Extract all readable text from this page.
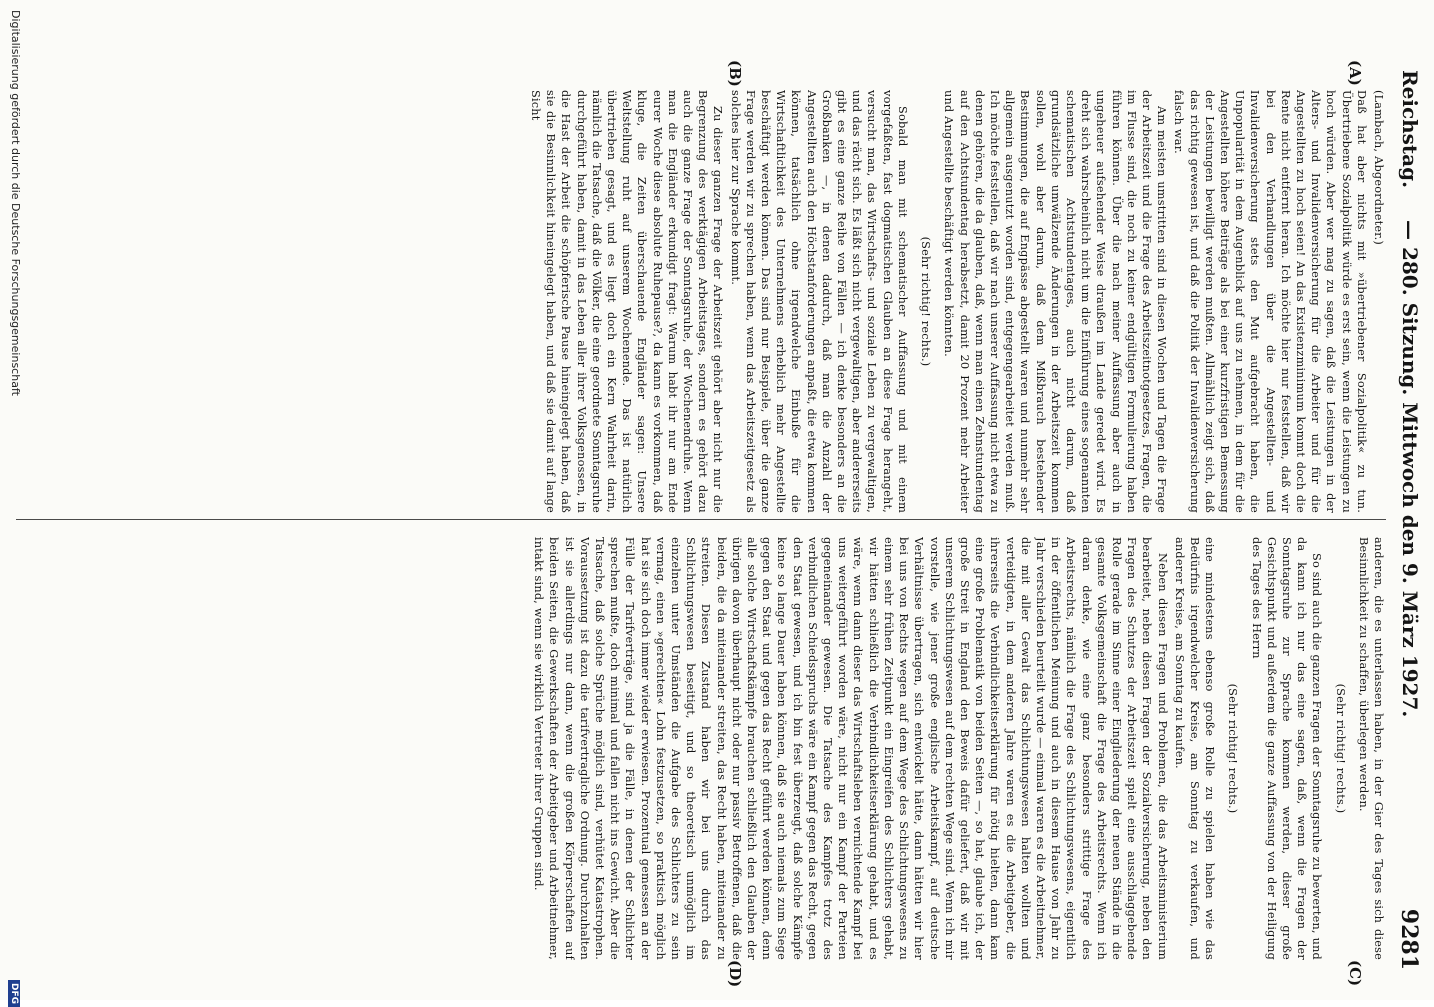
Reichstag.
— 280. Sitzung. Mittwoch den 9. März 1927.
9281
(A)
(B)
(C)
(D)

(Lambach, Abgeordneter.)

Daß hat aber nichts mit »übertriebener Sozialpolitik« zu tun. Übertriebene Sozialpolitik würde es erst sein, wenn die Leistungen zu hoch würden. Aber wer mag zu sagen, daß die Leistungen in der Alters- und Invalidenversicherung für die Arbeiter und für die Angestellten zu hoch seien! An das Existenzminimum kommt doch die Rente nicht entfernt heran. Ich möchte hier nur feststellen, daß wir bei den Verhandlungen über die Angestellten- und Invalidenversicherung stets den Mut aufgebracht haben, die Unpopularität in dem Augenblick auf uns zu nehmen, in dem für die Angestellten höhere Beiträge als bei einer kurzfristigen Bemessung der Leistungen bewilligt werden mußten. Allmählich zeigt sich, daß das richtig gewesen ist, und daß die Politik der Invalidenversicherung falsch war.

Am meisten umstritten sind in diesen Wochen und Tagen die Frage der Arbeitszeit und die Frage des Arbeitszeitnotgesetzes, Fragen, die im Flusse sind, die noch zu keiner endgültigen Formulierung haben führen können. Über die nach meiner Auffassung aber auch in ungeheuer aufsehender Weise draußen im Lande geredet wird. Es dreht sich wahrscheinlich nicht um die Einführung eines sogenannten schematischen Achtstundentages, auch nicht darum, daß grundsätzliche umwälzende Änderungen in der Arbeitszeit kommen sollen, wohl aber darum, daß dem Mißbrauch bestehender Bestimmungen, die auf Engpässe abgestellt waren und nunmehr sehr allgemein ausgenutzt worden sind, entgegengearbeitet werden muß. Ich möchte feststellen, daß wir nach unserer Auffassung nicht etwa zu denen gehören, die da glauben, daß, wenn man einen Zehnstundentag auf den Achtstundentag herabsetzt, damit 20 Prozent mehr Arbeiter und Angestellte beschäftigt werden könnten.

(Sehr richtig! rechts.)

Sobald man mit schematischer Auffassung und mit einem vorgefaßten, fast dogmatischen Glauben an diese Frage herangeht, versucht man, das Wirtschafts- und soziale Leben zu vergewaltigen, und das rächt sich. Es läßt sich nicht vergewaltigen, aber andererseits gibt es eine ganze Reihe von Fällen — ich denke besonders an die Großbanken —, in denen dadurch, daß man die Anzahl der Angestellten auch den Höchstanforderungen anpaßt, die etwa kommen können, tatsächlich ohne irgendwelche Einbuße für die Wirtschaftlichkeit des Unternehmens erheblich mehr Angestellte beschäftigt werden können. Das sind nur Beispiele, über die ganze Frage werden wir zu sprechen haben, wenn das Arbeitszeitgesetz als solches hier zur Sprache kommt.

Zu dieser ganzen Frage der Arbeitszeit gehört aber nicht nur die Begrenzung des werktägigen Arbeitstages, sondern es gehört dazu auch die ganze Frage der Sonntagsruhe, der Wochenendruhe. Wenn man die Engländer erkundigt fragt: Warum habt ihr nur am Ende eurer Woche diese absolute Ruhepause?, da kann es vorkommen, daß kluge, die Zeiten überschauende Engländer sagen: Unsere Weltstellung ruht auf unserem Wochenende. Das ist natürlich übertrieben gesagt, und es liegt doch ein Kern Wahrheit darin, nämlich die Tatsache, daß die Völker, die eine geordnete Sonntagsruhe durchgeführt haben, damit in das Leben aller ihrer Volksgenossen, in die Hast der Arbeit die schöpferische Pause hineingelegt haben, daß sie die Besinnlichkeit hineingelegt haben, und daß sie damit auf lange Sicht

anderen, die es unterlassen haben, in der Gier des Tages sich diese Besinnlichkeit zu schaffen, überlegen werden.

(Sehr richtig! rechts.)

So sind auch die ganzen Fragen der Sonntagsruhe zu bewerten, und da kann ich nur das eine sagen, daß, wenn die Fragen der Sonntagsruhe zur Sprache kommen werden, dieser große Gesichtspunkt und außerdem die ganze Auffassung von der Heiligung des Tages des Herrn

(Sehr richtig! rechts.)

eine mindestens ebenso große Rolle zu spielen haben wie das Bedürfnis irgendwelcher Kreise, am Sonntag zu verkaufen, und anderer Kreise, am Sonntag zu kaufen.

Neben diesen Fragen und Problemen, die das Arbeitsministerium bearbeitet, neben diesen Fragen der Sozialversicherung, neben den Fragen des Schutzes der Arbeitszeit spielt eine ausschlaggebende Rolle gerade im Sinne einer Eingliederung der neuen Stände in die gesamte Volksgemeinschaft die Frage des Arbeitsrechts. Wenn ich daran denke, wie eine ganz besonders strittige Frage des Arbeitsrechts, nämlich die Frage des Schlichtungswesens, eigentlich in der öffentlichen Meinung und auch in diesem Hause von Jahr zu Jahr verschieden beurteilt wurde — einmal waren es die Arbeitnehmer, die mit aller Gewalt das Schlichtungswesen halten wollten und verteidigten, in dem anderen Jahre waren es die Arbeitgeber, die ihrerseits die Verbindlichkeitserklärung für nötig hielten, dann kam eine große Problematik von beiden Seiten —, so hat, glaube ich, der große Streit in England den Beweis dafür geliefert, daß wir mit unserem Schlichtungswesen auf dem rechten Wege sind. Wenn ich mir vorstelle, wie jener große englische Arbeitskampf, auf deutsche Verhältnisse übertragen, sich entwickelt hätte, dann hätten wir hier bei uns von Rechts wegen auf dem Wege des Schlichtungswesens zu einem sehr frühen Zeitpunkt ein Eingreifen des Schlichters gehabt, wir hätten schließlich die Verbindlichkeitserklärung gehabt, und es wäre, wenn dann dieser das Wirtschaftsleben vernichtende Kampf bei uns weitergeführt worden wäre, nicht nur ein Kampf der Parteien gegeneinander gewesen. Die Tatsache des Kampfes trotz des verbindlichen Schiedsspruchs wäre ein Kampf gegen das Recht, gegen den Staat gewesen, und ich bin fest überzeugt, daß solche Kämpfe keine so lange Dauer haben können, daß sie auch niemals zum Siege gegen den Staat und gegen das Recht geführt werden können, denn alle solche Wirtschaftskämpfe brauchen schließlich den Glauben der übrigen davon überhaupt nicht oder nur passiv Betroffenen, daß die beiden, die da miteinander streiten, das Recht haben, miteinander zu streiten. Diesen Zustand haben wir bei uns durch das Schlichtungswesen beseitigt, und so theoretisch unmöglich im einzelnen unter Umständen die Aufgabe des Schlichters zu sein vermag, einen »gerechten« Lohn festzusetzen, so praktisch möglich hat sie sich doch immer wieder erwiesen. Prozentual gemessen an der Fülle der Tarifverträge, sind ja die Fälle, in denen der Schlichter sprechen mußte, doch minimal und fallen nicht ins Gewicht. Aber die Tatsache, daß solche Sprüche möglich sind, verhütet Katastrophen. Voraussetzung ist dazu die tarifvertragliche Ordnung. Durchzuhalten ist sie allerdings nur dann, wenn die großen Körperschaften auf beiden Seiten, die Gewerkschaften der Arbeitgeber und Arbeitnehmer, intakt sind, wenn sie wirklich Vertreter ihrer Gruppen sind.

Digitalisierung gefördert durch die Deutsche Forschungsgemeinschaft
DFG
